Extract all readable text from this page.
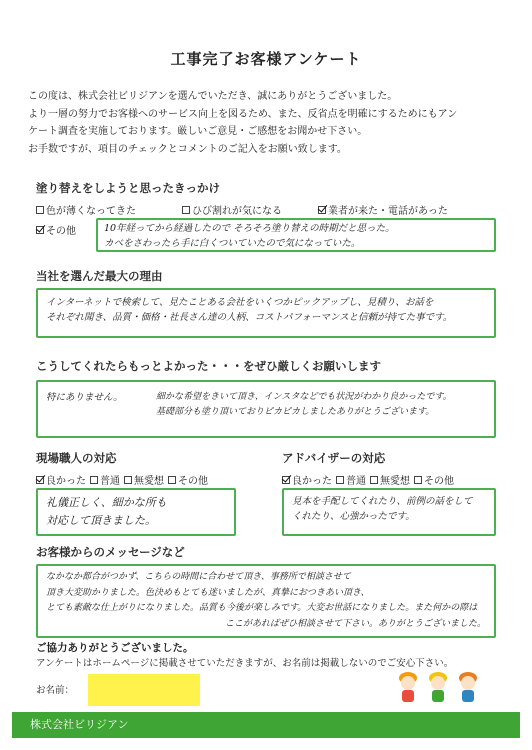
工事完了お客様アンケート

この度は、株式会社ビリジアンを選んでいただき、誠にありがとうございました。

より一層の努力でお客様へのサービス向上を図るため、また、反省点を明確にするためにもアン

ケート調査を実施しております。厳しいご意見・ご感想をお聞かせ下さい。

お手数ですが、項目のチェックとコメントのご記入をお願い致します。

塗り替えをしようと思ったきっかけ
色が薄くなってきた	ひび割れが気になる	業者が来た・電話があった
その他	10年経ってから経過したので そろそろ塗り替えの時期だと思った。
カベをさわったら手に白くついていたので気になっていた。
当社を選んだ最大の理由
インターネットで検索して、見たことある会社をいくつかピックアップし、見積り、お話を
それぞれ聞き、品質・価格・社長さん達の人柄、コストパフォーマンスと信頼が持てた事です。
こうしてくれたらもっとよかった・・・をぜひ厳しくお願いします
特にありません。	細かな希望をきいて頂き、インスタなどでも状況がわかり良かったです。
基礎部分も塗り頂いておりピカピカしましたありがとうございます。
現場職人の対応
良かった 普通 無愛想 その他
礼儀正しく、細かな所も
対応して頂きました。
アドバイザーの対応
良かった 普通 無愛想 その他
見本を手配してくれたり、前例の話をして
くれたり、心強かったです。
お客様からのメッセージなど
なかなか都合がつかず、こちらの時間に合わせて頂き、事務所で相談させて
頂き大変助かりました。色決めもとても迷いましたが、真摯におつきあい頂き、
とても素敵な仕上がりになりました。品質も今後が楽しみです。大変お世話になりました。また何かの際は
ここがあればぜひ相談させて下さい。ありがとうございました。
ご協力ありがとうございました。
アンケートはホームページに掲載させていただきますが、お名前は掲載しないのでご安心下さい。
お名前：
株式会社ビリジアン
